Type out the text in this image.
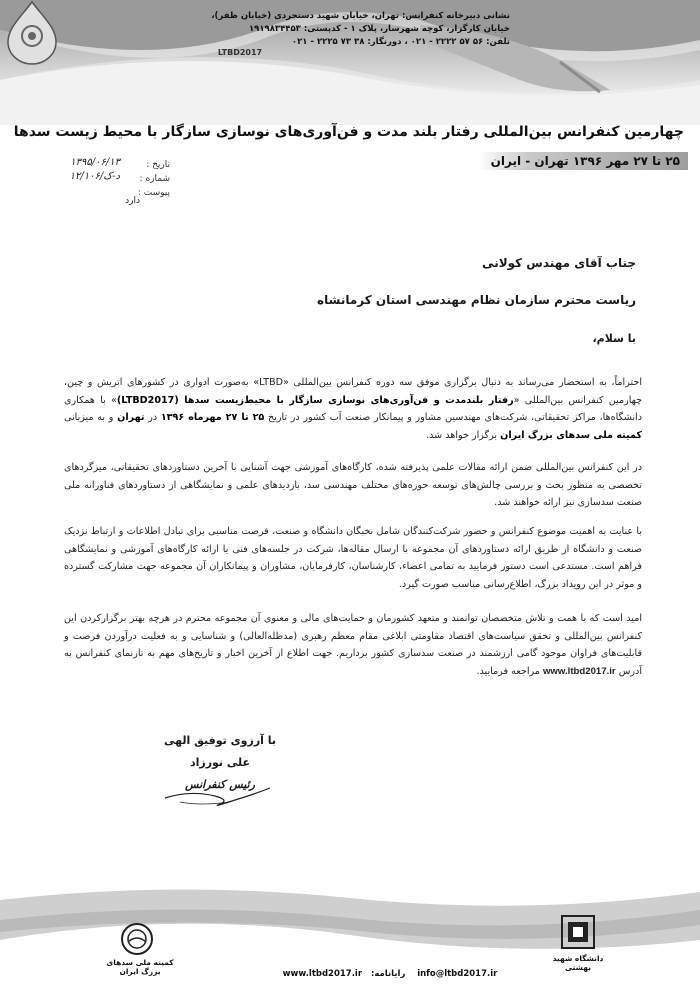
LTBD2017
چهارمین کنفرانس بین‌المللی رفتار بلند مدت و فن‌آوری‌های نوسازی سازگار با محیط زیست سدها
۲۵ تا ۲۷ مهر ۱۳۹۶ تهران - ایران
تاریخ :
۱۳۹۵/۰۶/۱۳
شماره :
د-ک/۱۲/۱۰۶
پیوست :
دارد
جناب آقای مهندس کولانی
ریاست محترم سازمان نظام مهندسی استان کرمانشاه
با سلام،
احتراماً، به استحضار می‌رساند به دنبال برگزاری موفق سه دوره کنفرانس بین‌المللی «LTBD» به‌صورت ادواری در کشورهای اتریش و چین، چهارمین کنفرانس بین‌المللی «رفتار بلندمدت و فن‌آوری‌های نوسازی سازگار با محیط‌زیست سدها (LTBD2017)» با همکاری دانشگاه‌ها، مراکز تحقیقاتی، شرکت‌های مهندسین مشاور و پیمانکار صنعت آب کشور در تاریخ ۲۵ تا ۲۷ مهرماه ۱۳۹۶ در تهران و به میزبانی کمیته ملی سدهای بزرگ ایران برگزار خواهد شد.
در این کنفرانس بین‌المللی ضمن ارائه مقالات علمی پذیرفته شده، کارگاه‌های آموزشی جهت آشنایی با آخرین دستاوردهای تحقیقاتی، میزگردهای تخصصی به منظور بحث و بررسی چالش‌های توسعه حوزه‌های مختلف مهندسی سد، بازدیدهای علمی و نمایشگاهی از دستاوردهای فناورانه ملی صنعت سدسازی نیز ارائه خواهند شد.
با عنایت به اهمیت موضوع کنفرانس و حضور شرکت‌کنندگان شامل نخبگان دانشگاه و صنعت، فرصت مناسبی برای تبادل اطلاعات و ارتباط نزدیک صنعت و دانشگاه از طریق ارائه دستاوردهای آن مجموعه با ارسال مقاله‌ها، شرکت در جلسه‌های فنی یا ارائه کارگاه‌های آموزشی و نمایشگاهی فراهم است. مستدعی است دستور فرمایید به تمامی اعضاء، کارشناسان، کارفرمایان، مشاوران و پیمانکاران آن مجموعه جهت مشارکت گسترده و موثر در این رویداد بزرگ، اطلاع‌رسانی مناسب صورت گیرد.
امید است که با همت و تلاش متخصصان توانمند و متعهد کشورمان و حمایت‌های مالی و معنوی آن مجموعه محترم در هرچه بهتر برگزارکردن این کنفرانس بین‌المللی و تحقق سیاست‌های اقتصاد مقاومتی ابلاغی مقام معظم رهبری (مدظله‌العالی) و شناسایی و به فعلیت درآوردن فرصت و قابلیت‌های فراوان موجود گامی ارزشمند در صنعت سدسازی کشور برداریم. جهت اطلاع از آخرین اخبار و تاریخ‌های مهم به تارنمای کنفرانس به آدرس www.ltbd2017.ir مراجعه فرمایید.
با آرزوی توفیق الهی
علی نورزاد
رئیس کنفرانس
نشانی دبیرخانه کنفرانس: تهران، خیابان شهید دستجردی (خیابان ظفر)،
خیابان کارگزار، کوچه شهرسار، پلاک ۱ - کدپستی: ۱۹۱۹۸۳۴۴۵۳
تلفن: ۵۶ ۵۷ ۲۲۲۲ - ۰۲۱ ، دورنگار: ۳۸ ۷۳ ۲۲۲۵ - ۰۲۱
info@ltbd2017.ir    رایانامه:   www.ltbd2017.ir
دانشگاه شهید بهشتی
کمیته ملی سدهای بزرگ ایران
